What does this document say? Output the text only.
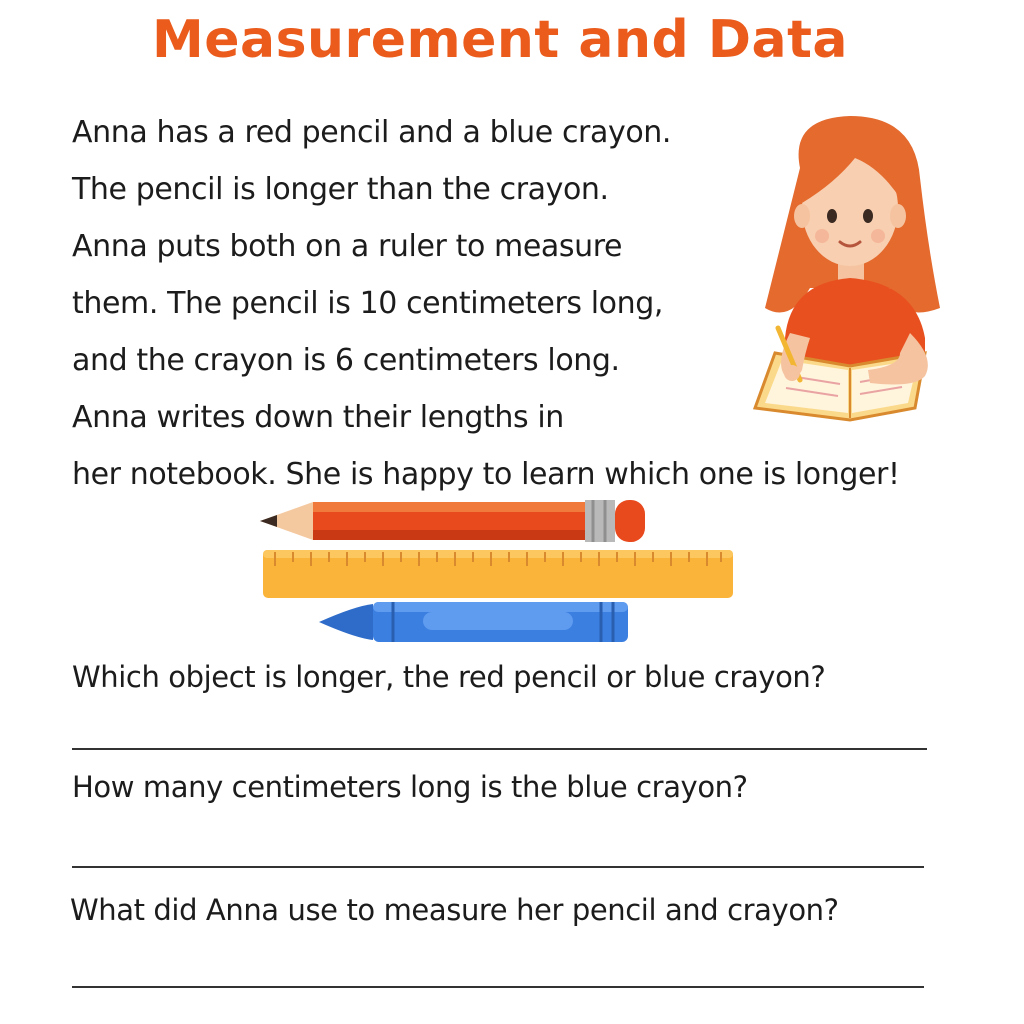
Measurement and Data
Anna has a red pencil and a blue crayon.
The pencil is longer than the crayon.
Anna puts both on a ruler to measure
them. The pencil is 10 centimeters long,
and the crayon is 6 centimeters long.
Anna writes down their lengths in
her notebook. She is happy to learn which one is longer!
Which object is longer, the red pencil or blue crayon?
How many centimeters long is the blue crayon?
What did Anna use to measure her pencil and crayon?
